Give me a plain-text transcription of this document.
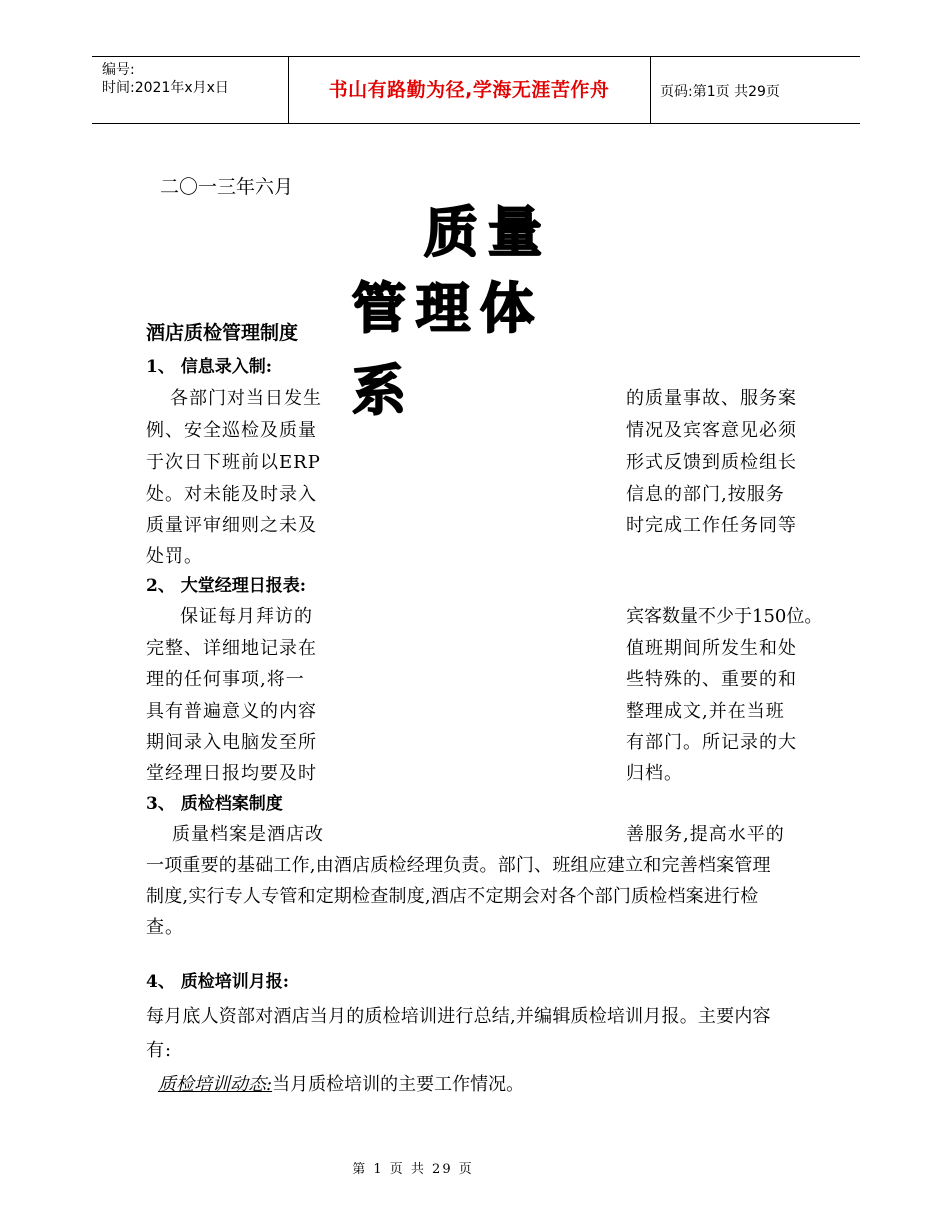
编号:
时间:2021年x月x日	书山有路勤为径,学海无涯苦作舟	页码:第1页 共29页
二〇一三年六月
质量
管理体
系
酒店质检管理制度
1、 信息录入制:
各部门对当日发生
例、安全巡检及质量
于次日下班前以ERP
处。对未能及时录入
质量评审细则之未及
处罚。
的质量事故、服务案
情况及宾客意见必须
形式反馈到质检组长
信息的部门,按服务
时完成工作任务同等
2、 大堂经理日报表:
保证每月拜访的
完整、详细地记录在
理的任何事项,将一
具有普遍意义的内容
期间录入电脑发至所
堂经理日报均要及时
宾客数量不少于150位。
值班期间所发生和处
些特殊的、重要的和
整理成文,并在当班
有部门。所记录的大
归档。
3、 质检档案制度
质量档案是酒店改	善服务,提高水平的
一项重要的基础工作,由酒店质检经理负责。部门、班组应建立和完善档案管理
制度,实行专人专管和定期检查制度,酒店不定期会对各个部门质检档案进行检
查。
4、 质检培训月报:
每月底人资部对酒店当月的质检培训进行总结,并编辑质检培训月报。主要内容
有:
质检培训动态:当月质检培训的主要工作情况。
第 1 页 共 29 页
